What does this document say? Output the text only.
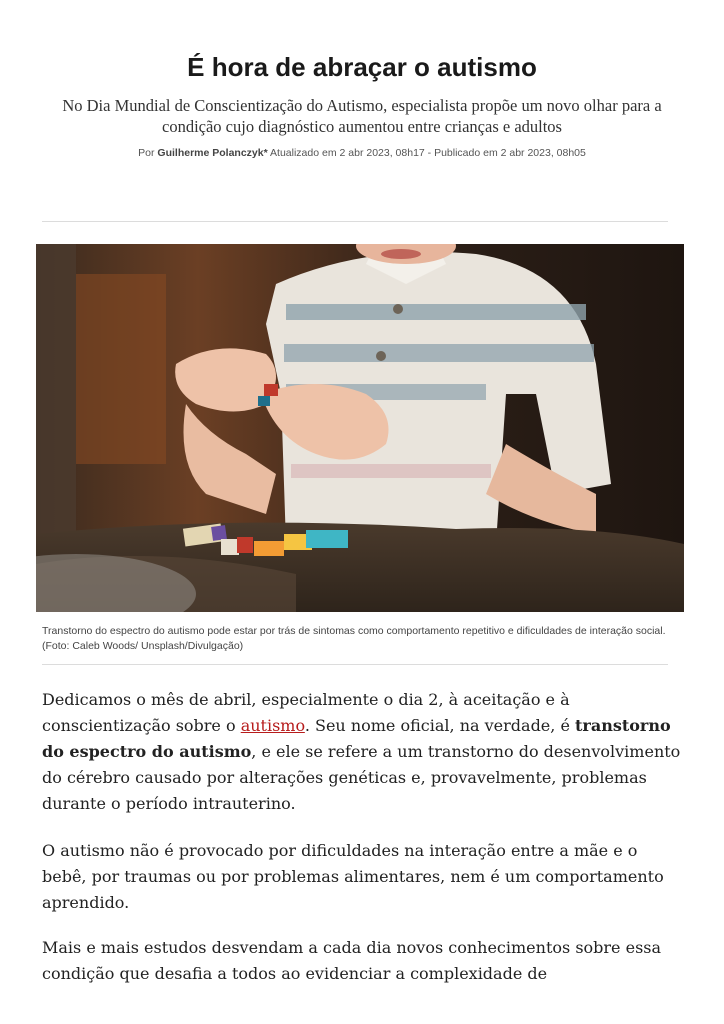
É hora de abraçar o autismo

No Dia Mundial de Conscientização do Autismo, especialista propõe um novo olhar para a condição cujo diagnóstico aumentou entre crianças e adultos

Por Guilherme Polanczyk* Atualizado em 2 abr 2023, 08h17 - Publicado em 2 abr 2023, 08h05

Transtorno do espectro do autismo pode estar por trás de sintomas como comportamento repetitivo e dificuldades de interação social. (Foto: Caleb Woods/ Unsplash/Divulgação)

Dedicamos o mês de abril, especialmente o dia 2, à aceitação e à conscientização sobre o autismo. Seu nome oficial, na verdade, é transtorno do espectro do autismo, e ele se refere a um transtorno do desenvolvimento do cérebro causado por alterações genéticas e, provavelmente, problemas durante o período intrauterino.

O autismo não é provocado por dificuldades na interação entre a mãe e o bebê, por traumas ou por problemas alimentares, nem é um comportamento aprendido.

Mais e mais estudos desvendam a cada dia novos conhecimentos sobre essa condição que desafia a todos ao evidenciar a complexidade de
